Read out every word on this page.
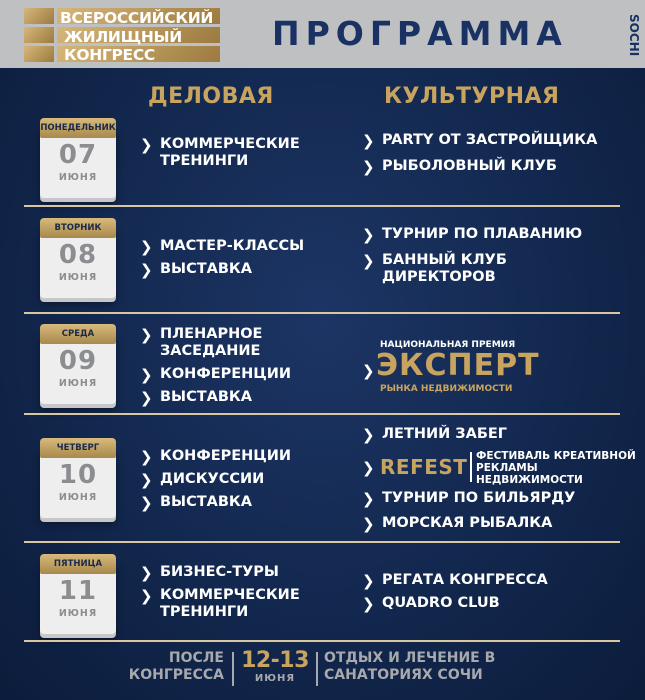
ВСЕРОССИЙСКИЙ
ЖИЛИЩНЫЙ
КОНГРЕСС
ПРОГРАММА	SOCHI
ДЕЛОВАЯ	КУЛЬТУРНАЯ
ПОНЕДЕЛЬНИК
07
ИЮНЯ
❯ КОММЕРЧЕСКИЕ ТРЕНИНГИ
❯ PARTY ОТ ЗАСТРОЙЩИКА
❯ РЫБОЛОВНЫЙ КЛУБ
ВТОРНИК
08
ИЮНЯ
❯ МАСТЕР-КЛАССЫ
❯ ВЫСТАВКА
❯ ТУРНИР ПО ПЛАВАНИЮ
❯ БАННЫЙ КЛУБ ДИРЕКТОРОВ
СРЕДА
09
ИЮНЯ
❯ ПЛЕНАРНОЕ ЗАСЕДАНИЕ
❯ КОНФЕРЕНЦИИ
❯ ВЫСТАВКА
❯
НАЦИОНАЛЬНАЯ ПРЕМИЯ
ЭКСПЕРТ
РЫНКА НЕДВИЖИМОСТИ
ЧЕТВЕРГ
10
ИЮНЯ
❯ КОНФЕРЕНЦИИ
❯ ДИСКУССИИ
❯ ВЫСТАВКА
❯ ЛЕТНИЙ ЗАБЕГ
❯ REFEST ФЕСТИВАЛЬ КРЕАТИВНОЙ РЕКЛАМЫ НЕДВИЖИМОСТИ
❯ ТУРНИР ПО БИЛЬЯРДУ
❯ МОРСКАЯ РЫБАЛКА
ПЯТНИЦА
11
ИЮНЯ
❯ БИЗНЕС-ТУРЫ
❯ КОММЕРЧЕСКИЕ ТРЕНИНГИ
❯ РЕГАТА КОНГРЕССА
❯ QUADRO CLUB
ПОСЛЕ КОНГРЕССА
12-13
ИЮНЯ
ОТДЫХ И ЛЕЧЕНИЕ В САНАТОРИЯХ СОЧИ
